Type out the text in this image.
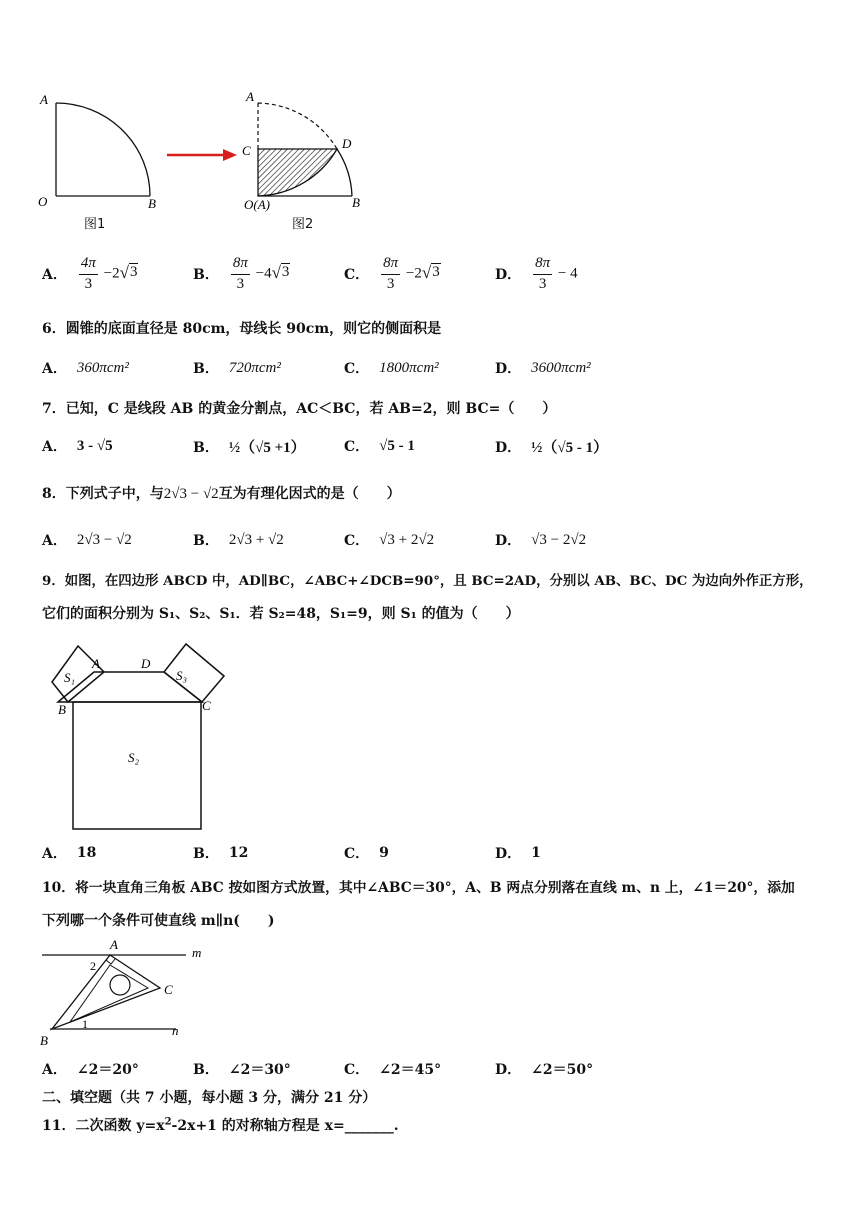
A
O	B
图1
A
C	D
O(A)	B
图2
A． $\frac{4\pi}{3} -2$ √ 3	B． $\frac{8\pi}{3} -4$ √ 3	C． $\frac{8\pi}{3} -2$ √ 3	D． $\frac{8\pi}{3} - 4$
6．圆锥的底面直径是 80cm，母线长 90cm，则它的侧面积是
A． 360πcm²	B． 720πcm²	C． 1800πcm²	D． 3600πcm²
7．已知，C 是线段 AB 的黄金分割点，AC＜BC，若 AB=2，则 BC=（　　）
A． 3 - √5	B． ½（√5 +1）	C． √5 - 1	D． ½（√5 - 1）
8．下列式子中，与2√3 − √2互为有理化因式的是（　　）
A． 2√3 − √2	B． 2√3 + √2	C． √3 + 2√2	D． √3 − 2√2
9．如图，在四边形 ABCD 中，AD∥BC，∠ABC+∠DCB=90°，且 BC=2AD，分别以 AB、BC、DC 为边向外作正方形，
它们的面积分别为 S₁、S₂、S₁．若 S₂=48，S₁=9，则 S₁ 的值为（　　）
A	D
B	C
S₁
S₂
S₃
A． 18	B． 12	C． 9	D． 1
10．将一块直角三角板 ABC 按如图方式放置，其中∠ABC＝30°，A、B 两点分别落在直线 m、n 上，∠1＝20°，添加
下列哪一个条件可使直线 m∥n(　　)
A
m
C
B
n
1
2
A． ∠2＝20°	B． ∠2＝30°	C． ∠2＝45°	D． ∠2＝50°
二、填空题（共 7 小题，每小题 3 分，满分 21 分）
11．二次函数 $y=x^2-2x+1$ 的对称轴方程是 x=_______.
